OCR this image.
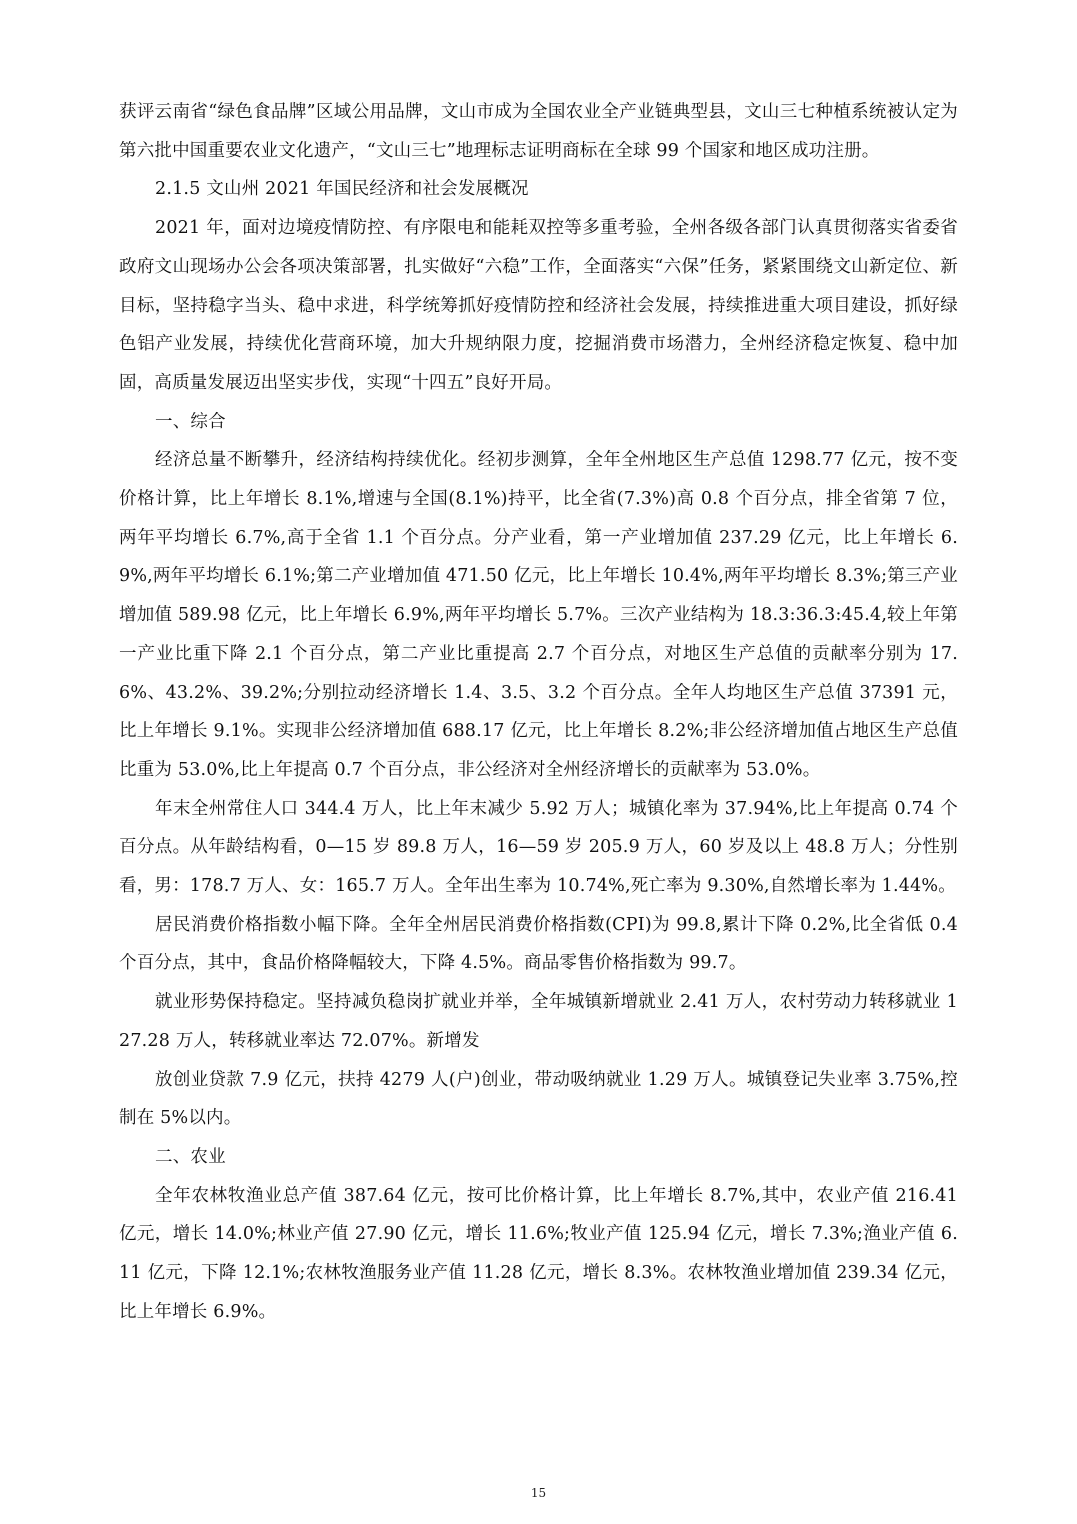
获评云南省“绿色食品牌”区域公用品牌，文山市成为全国农业全产业链典型县，文山三七种植系统被认定为第六批中国重要农业文化遗产，“文山三七”地理标志证明商标在全球 99 个国家和地区成功注册。

2.1.5 文山州 2021 年国民经济和社会发展概况

2021 年，面对边境疫情防控、有序限电和能耗双控等多重考验，全州各级各部门认真贯彻落实省委省政府文山现场办公会各项决策部署，扎实做好“六稳”工作，全面落实“六保”任务，紧紧围绕文山新定位、新目标，坚持稳字当头、稳中求进，科学统筹抓好疫情防控和经济社会发展，持续推进重大项目建设，抓好绿色铝产业发展，持续优化营商环境，加大升规纳限力度，挖掘消费市场潜力，全州经济稳定恢复、稳中加固，高质量发展迈出坚实步伐，实现“十四五”良好开局。

一、综合

经济总量不断攀升，经济结构持续优化。经初步测算，全年全州地区生产总值 1298.77 亿元，按不变价格计算，比上年增长 8.1%,增速与全国(8.1%)持平，比全省(7.3%)高 0.8 个百分点，排全省第 7 位，两年平均增长 6.7%,高于全省 1.1 个百分点。分产业看，第一产业增加值 237.29 亿元，比上年增长 6.9%,两年平均增长 6.1%;第二产业增加值 471.50 亿元，比上年增长 10.4%,两年平均增长 8.3%;第三产业增加值 589.98 亿元，比上年增长 6.9%,两年平均增长 5.7%。三次产业结构为 18.3:36.3:45.4,较上年第一产业比重下降 2.1 个百分点，第二产业比重提高 2.7 个百分点，对地区生产总值的贡献率分别为 17.6%、43.2%、39.2%;分别拉动经济增长 1.4、3.5、3.2 个百分点。全年人均地区生产总值 37391 元，比上年增长 9.1%。实现非公经济增加值 688.17 亿元，比上年增长 8.2%;非公经济增加值占地区生产总值比重为 53.0%,比上年提高 0.7 个百分点，非公经济对全州经济增长的贡献率为 53.0%。

年末全州常住人口 344.4 万人，比上年末减少 5.92 万人；城镇化率为 37.94%,比上年提高 0.74 个百分点。从年龄结构看，0—15 岁 89.8 万人，16—59 岁 205.9 万人，60 岁及以上 48.8 万人；分性别看，男：178.7 万人、女：165.7 万人。全年出生率为 10.74%,死亡率为 9.30%,自然增长率为 1.44%。

居民消费价格指数小幅下降。全年全州居民消费价格指数(CPI)为 99.8,累计下降 0.2%,比全省低 0.4 个百分点，其中，食品价格降幅较大，下降 4.5%。商品零售价格指数为 99.7。

就业形势保持稳定。坚持减负稳岗扩就业并举，全年城镇新增就业 2.41 万人，农村劳动力转移就业 127.28 万人，转移就业率达 72.07%。新增发

放创业贷款 7.9 亿元，扶持 4279 人(户)创业，带动吸纳就业 1.29 万人。城镇登记失业率 3.75%,控制在 5%以内。

二、农业

全年农林牧渔业总产值 387.64 亿元，按可比价格计算，比上年增长 8.7%,其中，农业产值 216.41 亿元，增长 14.0%;林业产值 27.90 亿元，增长 11.6%;牧业产值 125.94 亿元，增长 7.3%;渔业产值 6.11 亿元，下降 12.1%;农林牧渔服务业产值 11.28 亿元，增长 8.3%。农林牧渔业增加值 239.34 亿元，比上年增长 6.9%。

15
